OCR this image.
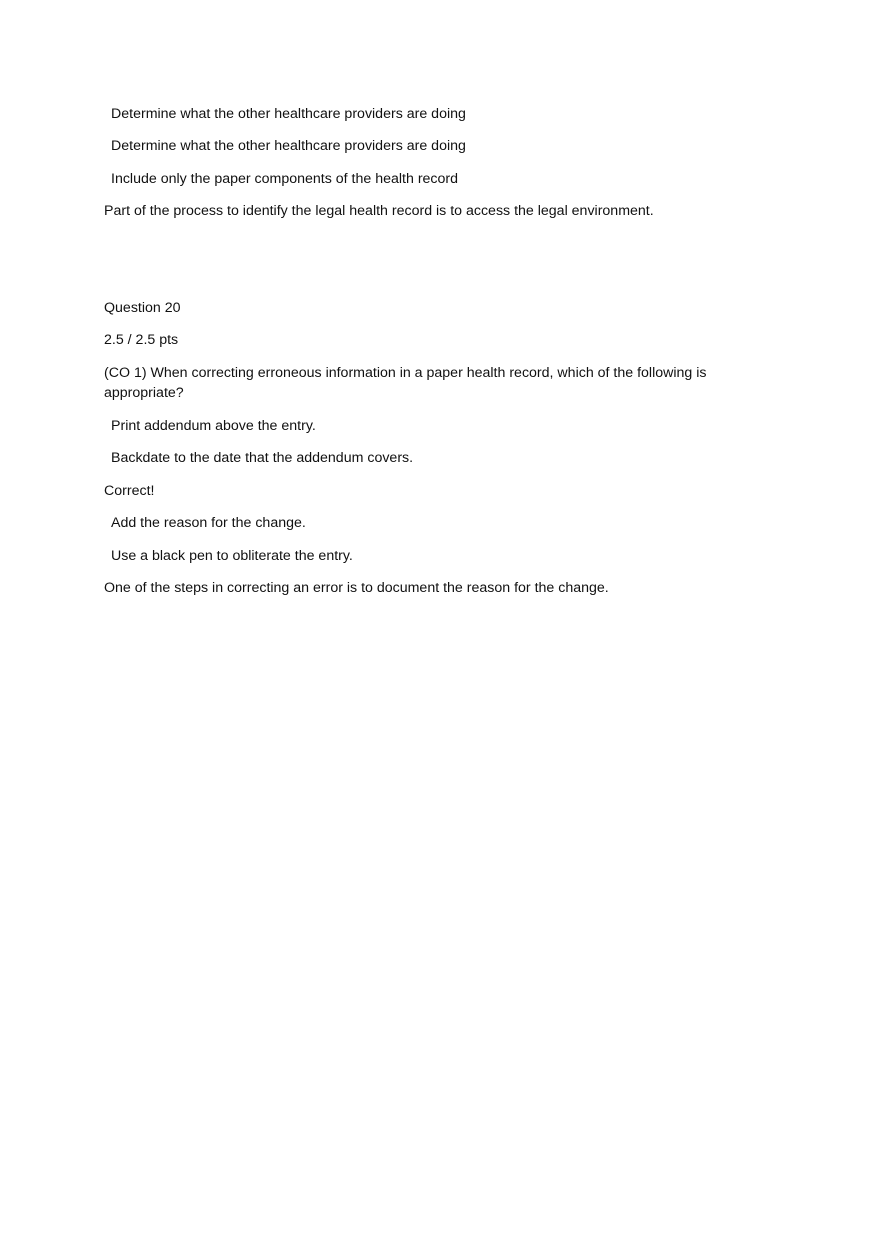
Determine what the other healthcare providers are doing
Determine what the other healthcare providers are doing
Include only the paper components of the health record
Part of the process to identify the legal health record is to access the legal environment.
Question 20
2.5 / 2.5 pts
(CO 1) When correcting erroneous information in a paper health record, which of the following is appropriate?
Print addendum above the entry.
Backdate to the date that the addendum covers.
Correct!
Add the reason for the change.
Use a black pen to obliterate the entry.
One of the steps in correcting an error is to document the reason for the change.
